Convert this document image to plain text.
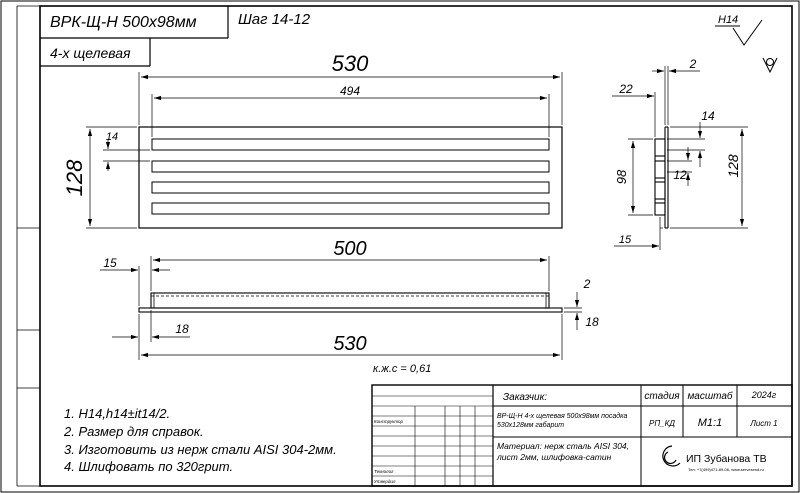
ВРК-Щ-Н 500х98мм	Шаг 14-12
4-х щелевая
H14
530
494
128
14
2
22
14
12
98	128
15
500
15
2
18	18
530
к.ж.с = 0,61
1. H14,h14±it14/2.
2. Размер для справок.
3. Изготовить из нерж стали AISI 304-2мм.
4. Шлифовать по 320грит.
Конструктор
Технолог
Утвердил
Заказчик:	стадия масштаб 2024г
ВР-Щ-Н 4-х щелевая 500х98мм посадка
530х128мм габарит	РП_КД М1:1	Лист 1
Материал: нерж сталь AISI 304,
лист 2мм, шлифовка-сатин	ИП Зубанова ТВ
Тел: +7(499)471-89-06, www.servesend.ru
